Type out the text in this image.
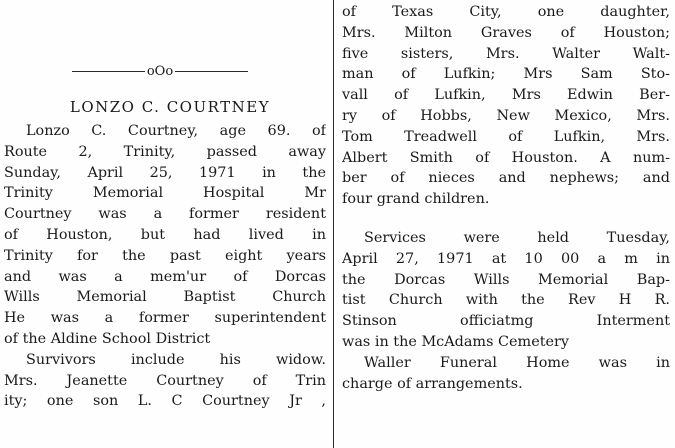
oOo
LONZO C. COURTNEY
Lonzo C. Courtney, age 69. of
Route 2, Trinity, passed away
Sunday, April 25, 1971 in the
Trinity Memorial Hospital Mr
Courtney was a former resident
of Houston, but had lived in
Trinity for the past eight years
and was a mem'ur of Dorcas
Wills Memorial Baptist Church
He was a former superintendent
of the Aldine School District
Survivors include his widow.
Mrs. Jeanette Courtney of Trin
ity; one son L. C Courtney Jr ,
of Texas City, one daughter,
Mrs. Milton Graves of Houston;
five sisters, Mrs. Walter Walt-
man of Lufkin; Mrs Sam Sto-
vall of Lufkin, Mrs Edwin Ber-
ry of Hobbs, New Mexico, Mrs.
Tom Treadwell of Lufkin, Mrs.
Albert Smith of Houston. A num-
ber of nieces and nephews; and
four grand children.
Services were held Tuesday,
April 27, 1971 at 10 00 a m in
the Dorcas Wills Memorial Bap-
tist Church with the Rev H R.
Stinson officiatmg Interment
was in the McAdams Cemetery
Waller Funeral Home was in
charge of arrangements.
